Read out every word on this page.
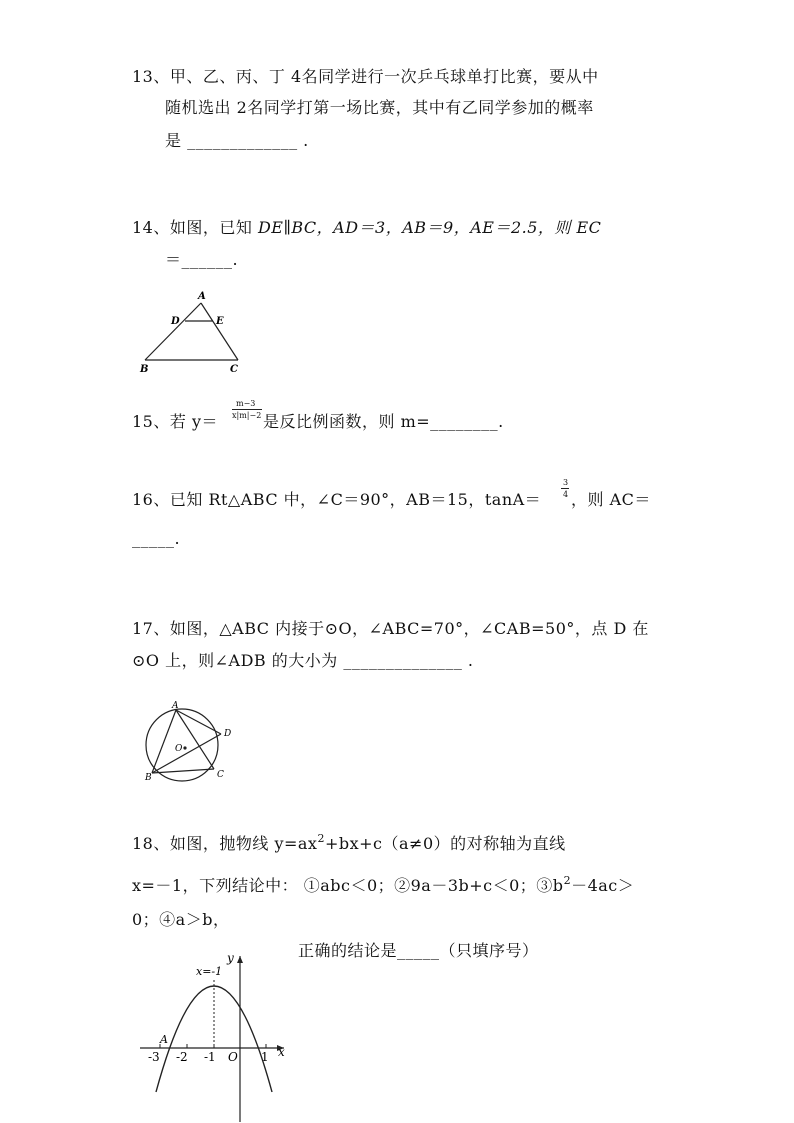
13、甲、乙、丙、丁 4名同学进行一次乒乓球单打比赛，要从中
随机选出 2名同学打第一场比赛，其中有乙同学参加的概率
是 _____________ .
14、如图，已知 DE∥BC，AD＝3，AB＝9，AE＝2.5，则 EC
＝______.
A
D	E
B	C
15、若 y＝
m−3
x|m|−2 是反比例函数，则 m=________.
16、已知 Rt△ABC 中，∠C＝90°，AB＝15，tanA＝
3
4 ，则 AC＝
_____.
17、如图，△ABC 内接于⊙O，∠ABC=70°，∠CAB=50°，点 D 在
⊙O 上，则∠ADB 的大小为 ______________ .
A
D
O
B	C
18、如图，抛物线 $y=ax^2+bx+c(a\ne 0)$的对称轴为直线
x=－1，下列结论中： ①abc＜0；②9a－3b+c＜0；$③b^2-4ac>$
0；④a＞b，
正确的结论是_____（只填序号）
y
x=-1
A
x
-3 -2 -1 O 1
